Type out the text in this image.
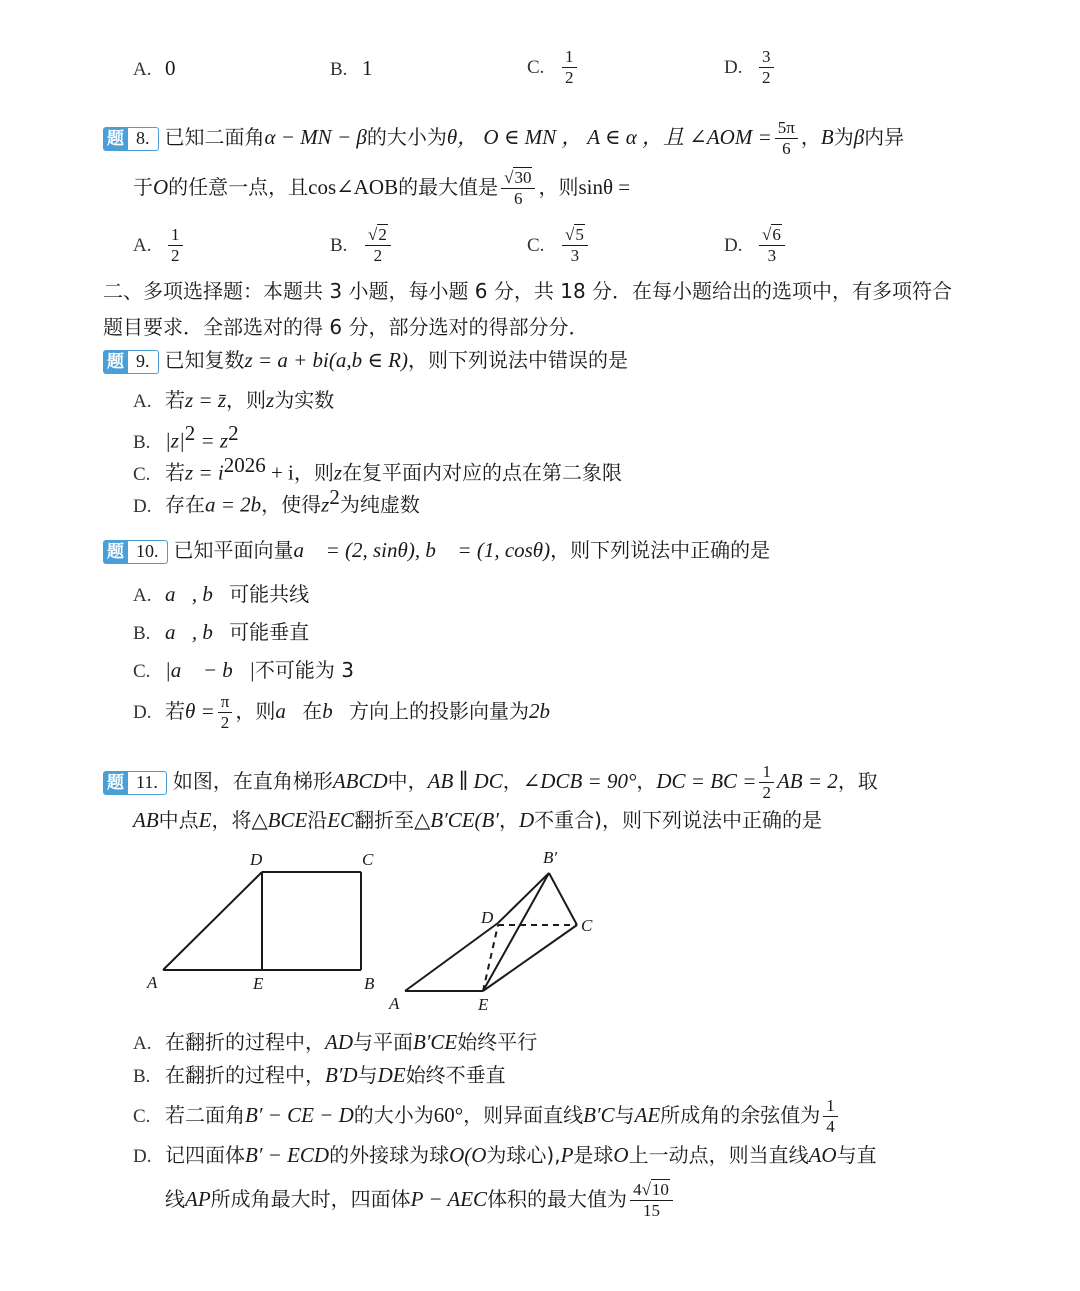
A. 0	B. 1	C. $\frac{1}{2}$	D. $\frac{3}{2}$
题 8. 已知二面角α − MN − β的大小为θ， O ∈ MN ， A ∈ α ，且 ∠AOM = $\frac{5\pi}{6}$ ，B为β内异
于O的任意一点，且cos∠AOB的最大值是 $\frac{√30}{6}$ ，则sinθ =
A. $\frac{1}{2}$	B. $\frac{√2}{2}$	C. $\frac{√5}{3}$	D. $\frac{√6}{3}$
二、多项选择题：本题共 3 小题，每小题 6 分，共 18 分．在每小题给出的选项中，有多项符合
题目要求．全部选对的得 6 分，部分选对的得部分分．
题 9. 已知复数z = a + bi(a,b ∈ R)，则下列说法中错误的是
A. 若z = z̄，则z为实数
B. $|z|^2 = z^2$
C. 若$z = i^{2026} + i$，则z在复平面内对应的点在第二象限
D. 存在a = 2b，使得$z^2$为纯虚数
题 10. 已知平面向量a⃗ = (2, sinθ), b⃗ = (1, cosθ)，则下列说法中正确的是
A. a⃗, b⃗可能共线
B. a⃗, b⃗可能垂直
C. |a⃗ − b⃗|不可能为 3
D. 若$\theta = \frac{\pi}{2}$ ，则a⃗在b⃗方向上的投影向量为2b⃗
题 11. 如图，在直角梯形ABCD中，AB ∥ DC，∠DCB = 90°，DC = BC = $\frac{1}{2}$ AB = 2，取
AB中点E，将△BCE沿EC翻折至△B′CE(B′，D不重合)，则下列说法中正确的是
D	C
A	E	B
B′
D	C
A	E
A. 在翻折的过程中，AD与平面B′CE始终平行
B. 在翻折的过程中，B′D与DE始终不垂直
C. 若二面角B′ − CE − D的大小为60°，则异面直线B′C与AE所成角的余弦值为 $\frac{1}{4}$
D. 记四面体B′ − ECD的外接球为球O(O为球心),P是球O上一动点，则当直线AO与直
线AP所成角最大时，四面体P − AEC体积的最大值为 $\frac{4√10}{15}$
